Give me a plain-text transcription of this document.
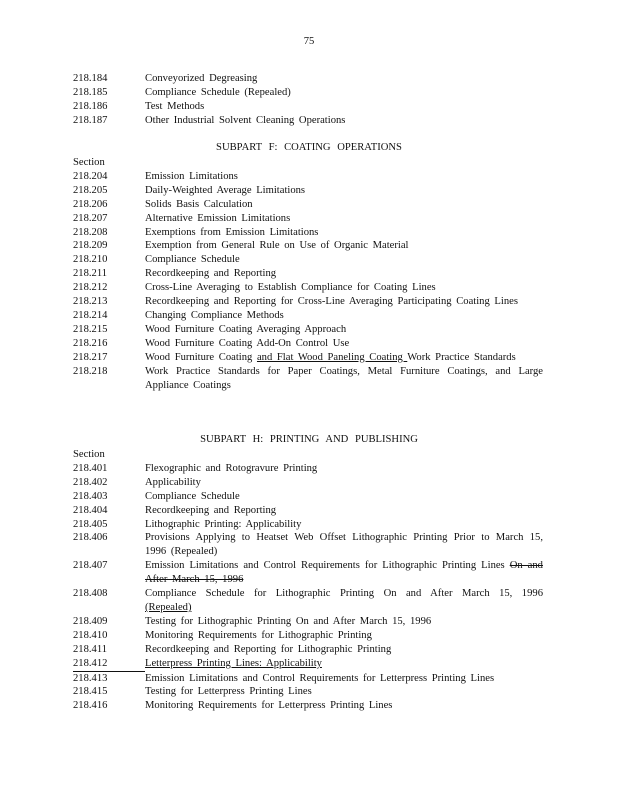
75
218.184	Conveyorized Degreasing
218.185	Compliance Schedule (Repealed)
218.186	Test Methods
218.187	Other Industrial Solvent Cleaning Operations
SUBPART F: COATING OPERATIONS
Section
218.204	Emission Limitations
218.205	Daily-Weighted Average Limitations
218.206	Solids Basis Calculation
218.207	Alternative Emission Limitations
218.208	Exemptions from Emission Limitations
218.209	Exemption from General Rule on Use of Organic Material
218.210	Compliance Schedule
218.211	Recordkeeping and Reporting
218.212	Cross-Line Averaging to Establish Compliance for Coating Lines
218.213	Recordkeeping and Reporting for Cross-Line Averaging Participating Coating Lines
218.214	Changing Compliance Methods
218.215	Wood Furniture Coating Averaging Approach
218.216	Wood Furniture Coating Add-On Control Use
218.217	Wood Furniture Coating and Flat Wood Paneling Coating Work Practice Standards
218.218	Work Practice Standards for Paper Coatings, Metal Furniture Coatings, and Large Appliance Coatings
SUBPART H: PRINTING AND PUBLISHING
Section
218.401	Flexographic and Rotogravure Printing
218.402	Applicability
218.403	Compliance Schedule
218.404	Recordkeeping and Reporting
218.405	Lithographic Printing: Applicability
218.406	Provisions Applying to Heatset Web Offset Lithographic Printing Prior to March 15, 1996 (Repealed)
218.407	Emission Limitations and Control Requirements for Lithographic Printing Lines On and After March 15, 1996
218.408	Compliance Schedule for Lithographic Printing On and After March 15, 1996 (Repealed)
218.409	Testing for Lithographic Printing On and After March 15, 1996
218.410	Monitoring Requirements for Lithographic Printing
218.411	Recordkeeping and Reporting for Lithographic Printing
218.412	Letterpress Printing Lines: Applicability
218.413	Emission Limitations and Control Requirements for Letterpress Printing Lines
218.415	Testing for Letterpress Printing Lines
218.416	Monitoring Requirements for Letterpress Printing Lines
